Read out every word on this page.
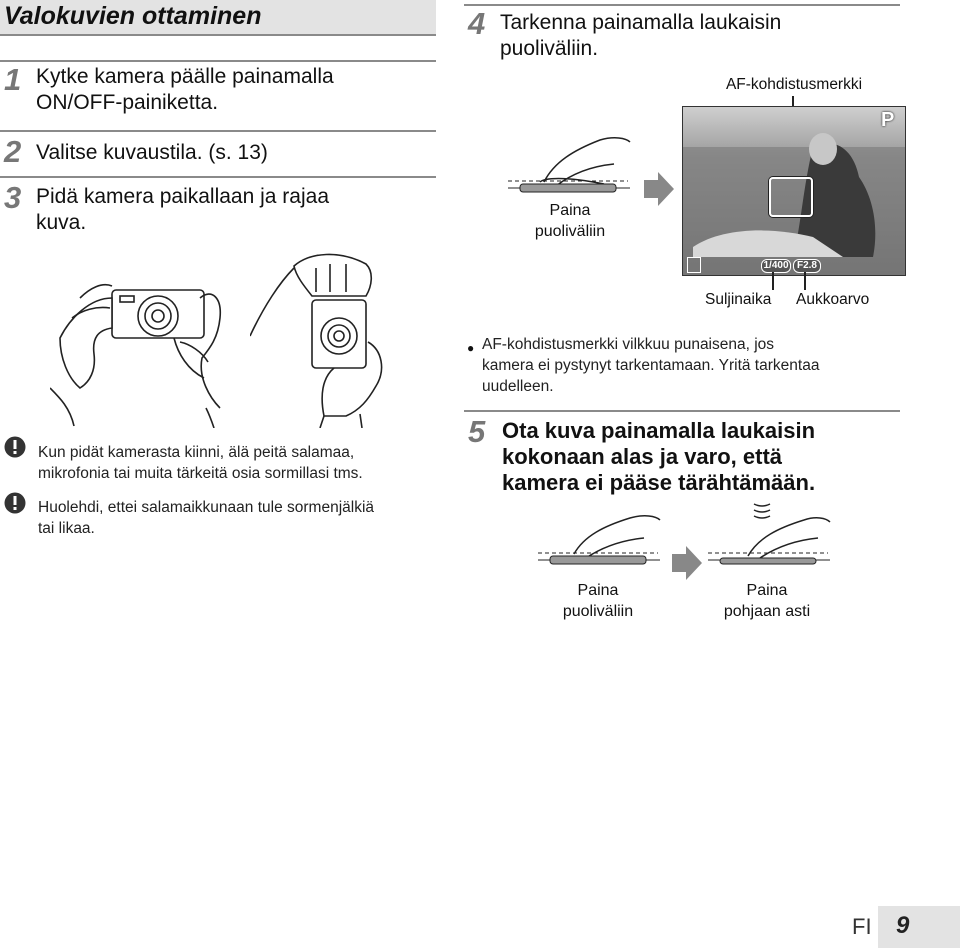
Valokuvien ottaminen
1 Kytke kamera päälle painamalla
ON/OFF-painiketta.
2 Valitse kuvaustila. (s. 13)
3 Pidä kamera paikallaan ja rajaa
kuva.
Kun pidät kamerasta kiinni, älä peitä salamaa,
mikrofonia tai muita tärkeitä osia sormillasi tms.
Huolehdi, ettei salamaikkunaan tule sormenjälkiä
tai likaa.
4 Tarkenna painamalla laukaisin
puoliväliin.
Paina
puoliväliin
AF-kohdistusmerkki
P
1/400 F2.8
Suljinaika Aukkoarvo
● AF-kohdistusmerkki vilkkuu punaisena, jos
kamera ei pystynyt tarkentamaan. Yritä tarkentaa
uudelleen.
5 Ota kuva painamalla laukaisin
kokonaan alas ja varo, että
kamera ei pääse tärähtämään.
Paina
puoliväliin
Paina
pohjaan asti
FI 9
